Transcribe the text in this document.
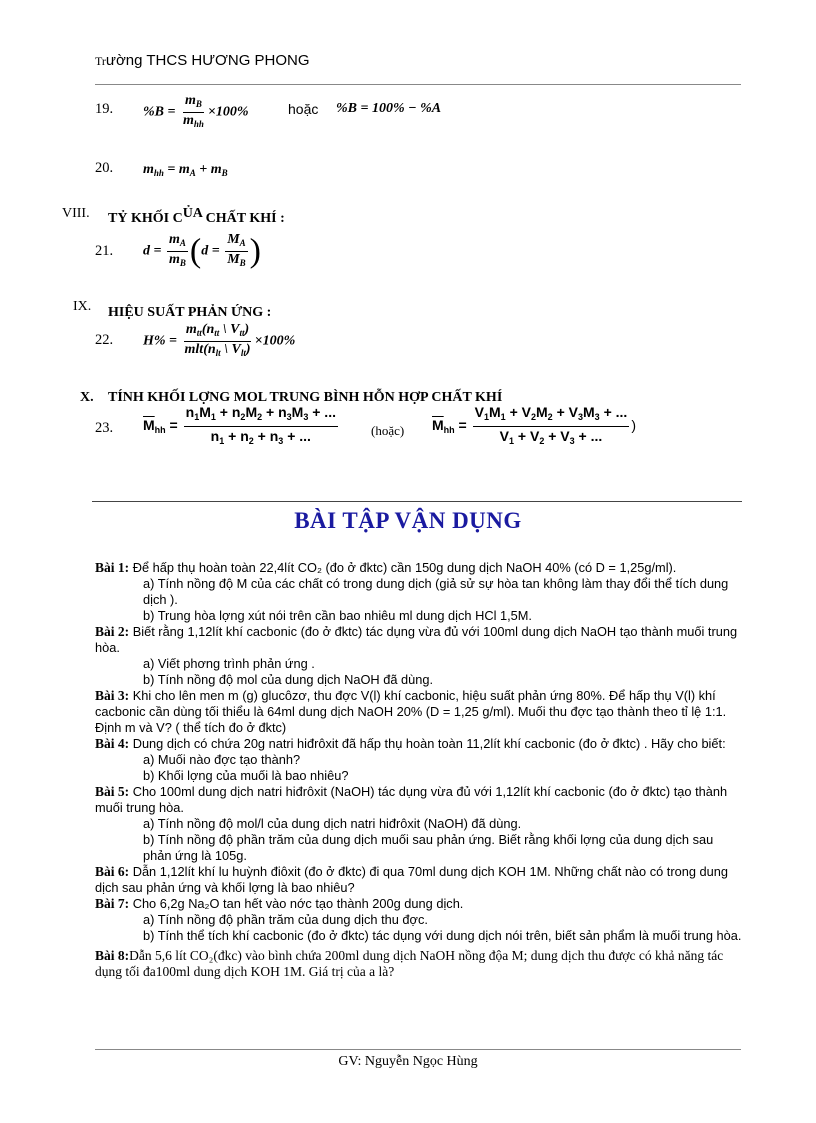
Trường THCS HƯƠNG PHONG
19. $\%B = \frac{m_B}{m_{hh}} \times 100\%$	hoặc %B = 100% − %A
20. $m_{hh} = m_A + m_B$
VIII. TỶ KHỐI CỦA CHẤT KHÍ :
21. $d = \frac{m_A}{m_B} (d = \frac{M_A}{M_B}$ )
IX. HIỆU SUẤT PHẢN ỨNG :
22. $H\% = \frac{m_{tt}(n_{tt} \backslash V_{tt})}{mlt(n_{lt} \backslash V_{lt})} \times 100\%$
X. TÍNH KHỐI LỢNG MOL TRUNG BÌNH HỖN HỢP CHẤT KHÍ
23. $\overline{M}_{hh} = \frac{n_1M_1 + n_2M_2 + n_3M_3 + ...}{n_1 + n_2 + n_3 + ...}$	(hoặc) $\overline{M}_{hh} = \frac{V_1M_1 + V_2M_2 + V_3M_3 + ...}{V_1 + V_2 + V_3 + ...}$ )
BÀI TẬP VẬN DỤNG
Bài 1: Để hấp thụ hoàn toàn 22,4lít CO₂ (đo ở đktc) cần 150g dung dịch NaOH 40% (có D = 1,25g/ml).
a) Tính nồng độ M của các chất có trong dung dịch (giả sử sự hòa tan không làm thay đổi thể tích dung dịch ).
b) Trung hòa lợng xút nói trên cần bao nhiêu ml dung dịch HCl 1,5M.
Bài 2: Biết rằng 1,12lít khí cacbonic (đo ở đktc) tác dụng vừa đủ với 100ml dung dịch NaOH tạo thành muối trung hòa.
a) Viết phơng trình phản ứng .
b) Tính nồng độ mol của dung dịch NaOH đã dùng.
Bài 3: Khi cho lên men m (g) glucôzơ, thu đợc V(l) khí cacbonic, hiệu suất phản ứng 80%. Để hấp thụ V(l) khí cacbonic cần dùng tối thiểu là 64ml dung dịch NaOH 20% (D = 1,25 g/ml). Muối thu đợc tạo thành theo tỉ lệ 1:1. Định m và V? ( thể tích đo ở đktc)
Bài 4: Dung dịch có chứa 20g natri hiđrôxit đã hấp thụ hoàn toàn 11,2lít khí cacbonic (đo ở đktc) . Hãy cho biết:
a) Muối nào đợc tạo thành?
b) Khối lợng của muối là bao nhiêu?
Bài 5: Cho 100ml dung dịch natri hiđrôxit (NaOH) tác dụng vừa đủ với 1,12lít khí cacbonic (đo ở đktc) tạo thành muối trung hòa.
a) Tính nồng độ mol/l của dung dịch natri hiđrôxit (NaOH) đã dùng.
b) Tính nồng độ phần trăm của dung dịch muối sau phản ứng. Biết rằng khối lợng của dung dịch sau phản ứng là 105g.
Bài 6: Dẫn 1,12lít khí lu huỳnh điôxit (đo ở đktc) đi qua 70ml dung dịch KOH 1M. Những chất nào có trong dung dịch sau phản ứng và khối lợng là bao nhiêu?
Bài 7: Cho 6,2g Na₂O tan hết vào nớc tạo thành 200g dung dịch.
a) Tính nồng độ phần trăm của dung dịch thu đợc.
b) Tính thể tích khí cacbonic (đo ở đktc) tác dụng với dung dịch nói trên, biết sản phẩm là muối trung hòa.
Bài 8:Dẫn 5,6 lít CO₂(đkc) vào bình chứa 200ml dung dịch NaOH nồng độa M; dung dịch thu được có khả năng tác dụng tối đa100ml dung dịch KOH 1M. Giá trị của a là?
GV: Nguyễn Ngọc Hùng
